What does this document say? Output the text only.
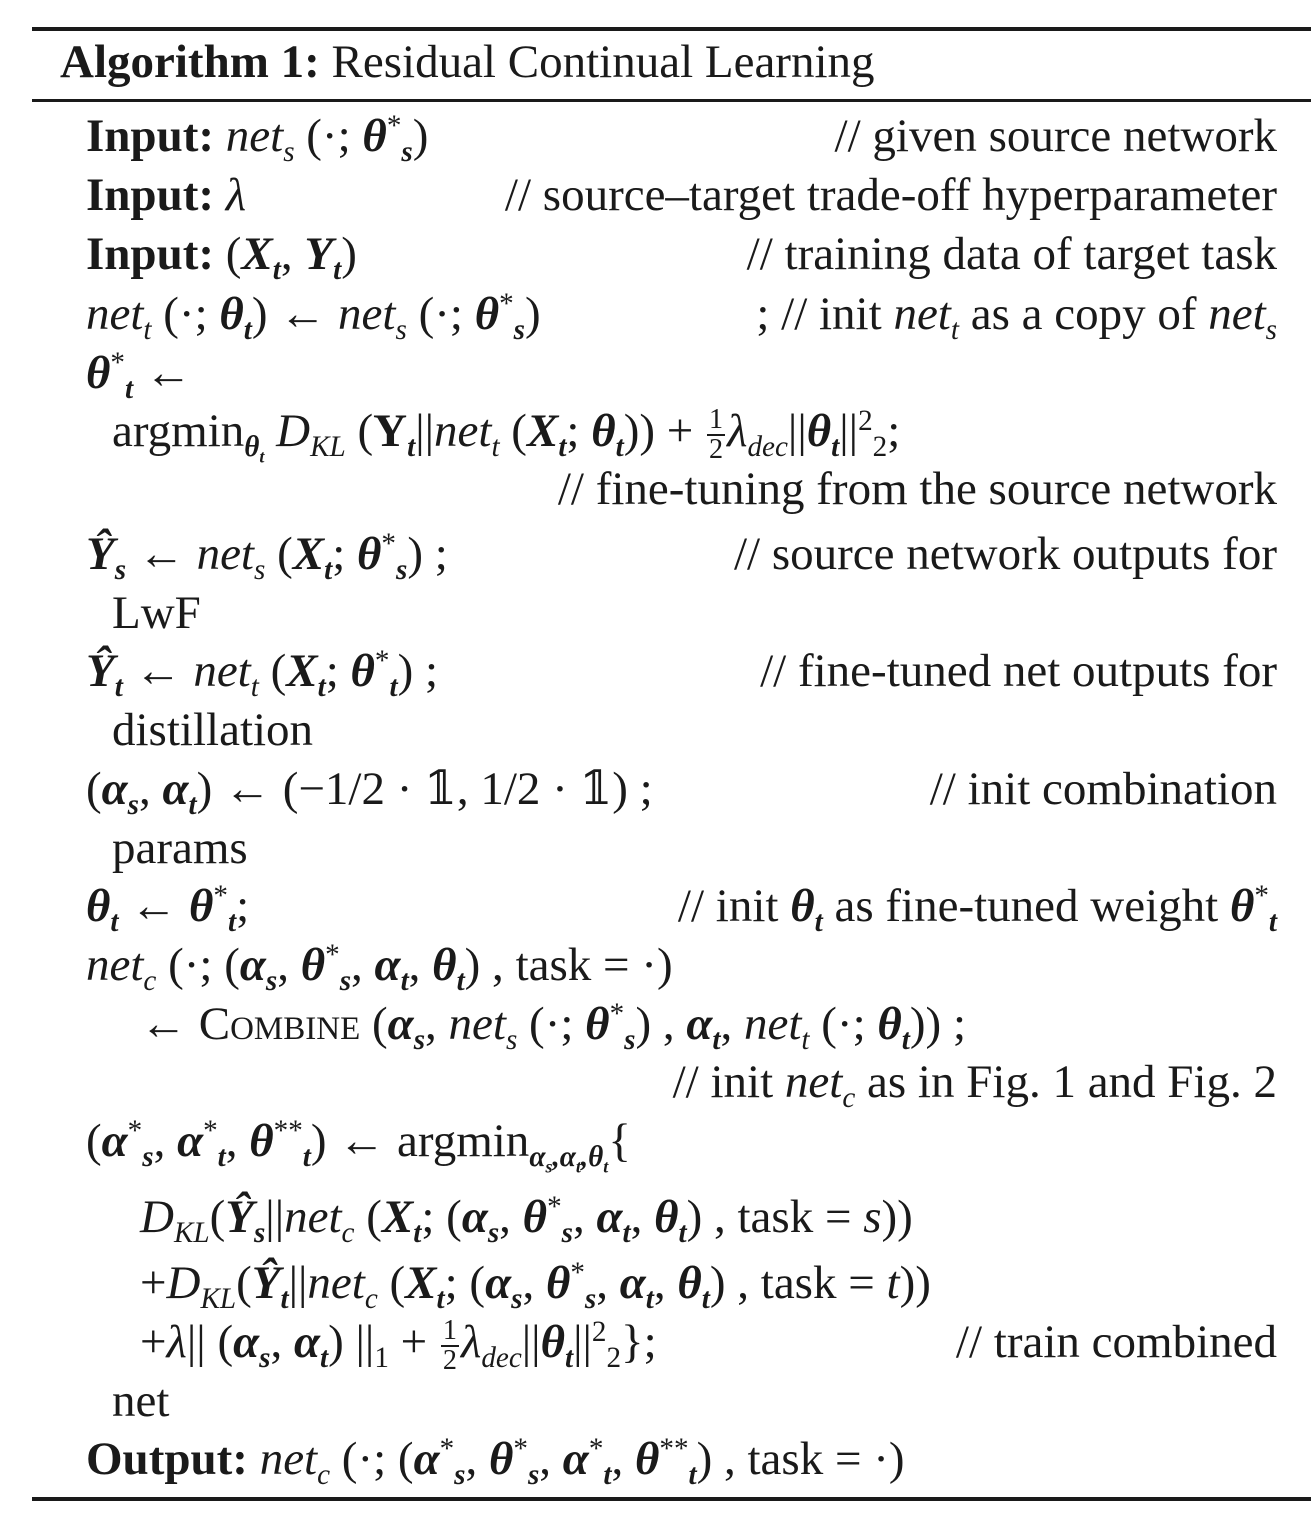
Algorithm 1: Residual Continual Learning
Input: net$_s$ (·; $\theta^*_s$)	// given source network
Input: λ	// source–target trade-off hyperparameter
Input: ($X_t$, $Y_t$)	// training data of target task
net$_t$ (·; $\theta_t$) ← net$_s$ (·; $\theta^*_s$)	; // init net$_t$ as a copy of net$_s$
$\theta^*_t$ ←
argmin$_{\theta_t}$ $D_{KL}$ ($Y_t||net_t$ ($X_t$; $\theta_t)) + \frac{1}{2} \lambda_{dec}||\theta_t||^2_2$;
// fine-tuning from the source network
$Ŷ_s$ ← net$_s$ ($X_t$; $\theta^*_s$) ;	// source network outputs for
LwF
$Ŷ_t$ ← net$_t$ ($X_t$; $\theta^*_t$) ;	// fine-tuned net outputs for
distillation
($\alpha_s$, $\alpha_t$) ← (−1/2 · 𝟙, 1/2 · 𝟙) ;	// init combination
params
$\theta_t$ ← $\theta^*_t$;	// init $\theta_t$ as fine-tuned weight $\theta^*_t$
net$_c$ (·; ($\alpha_s$, $\theta^*_s$, $\alpha_t$, $\theta_t$) , task = ·)
← Combine ($\alpha_s$, net$_s$ (·; $\theta^*_s$) , $\alpha_t$, net$_t$ (·; $\theta_t$)) ;
// init net$_c$ as in Fig. 1 and Fig. 2
($\alpha^*_s$, $\alpha^*_t$, $\theta^{**}_t$) ← argmin$_{\alpha_s,\alpha_t,\theta_t}${
$D_{KL}(Ŷ_s||net_c$ ($X_t$; ($\alpha_s$, $\theta^*_s$, $\alpha_t$, $\theta_t$) , task = s))
$+D_{KL}(Ŷ_t||net_c$ ($X_t$; ($\alpha_s$, $\theta^*_s$, $\alpha_t$, $\theta_t$) , task = t))
+λ|| ($\alpha_s$, $\alpha_t$) $||_1 + \frac{1}{2} \lambda_{dec}||\theta_t||^2_2$};	// train combined
net
Output: net$_c$ (·; ($\alpha^*_s$, $\theta^*_s$, $\alpha^*_t$, $\theta^{**}_t$) , task = ·)
